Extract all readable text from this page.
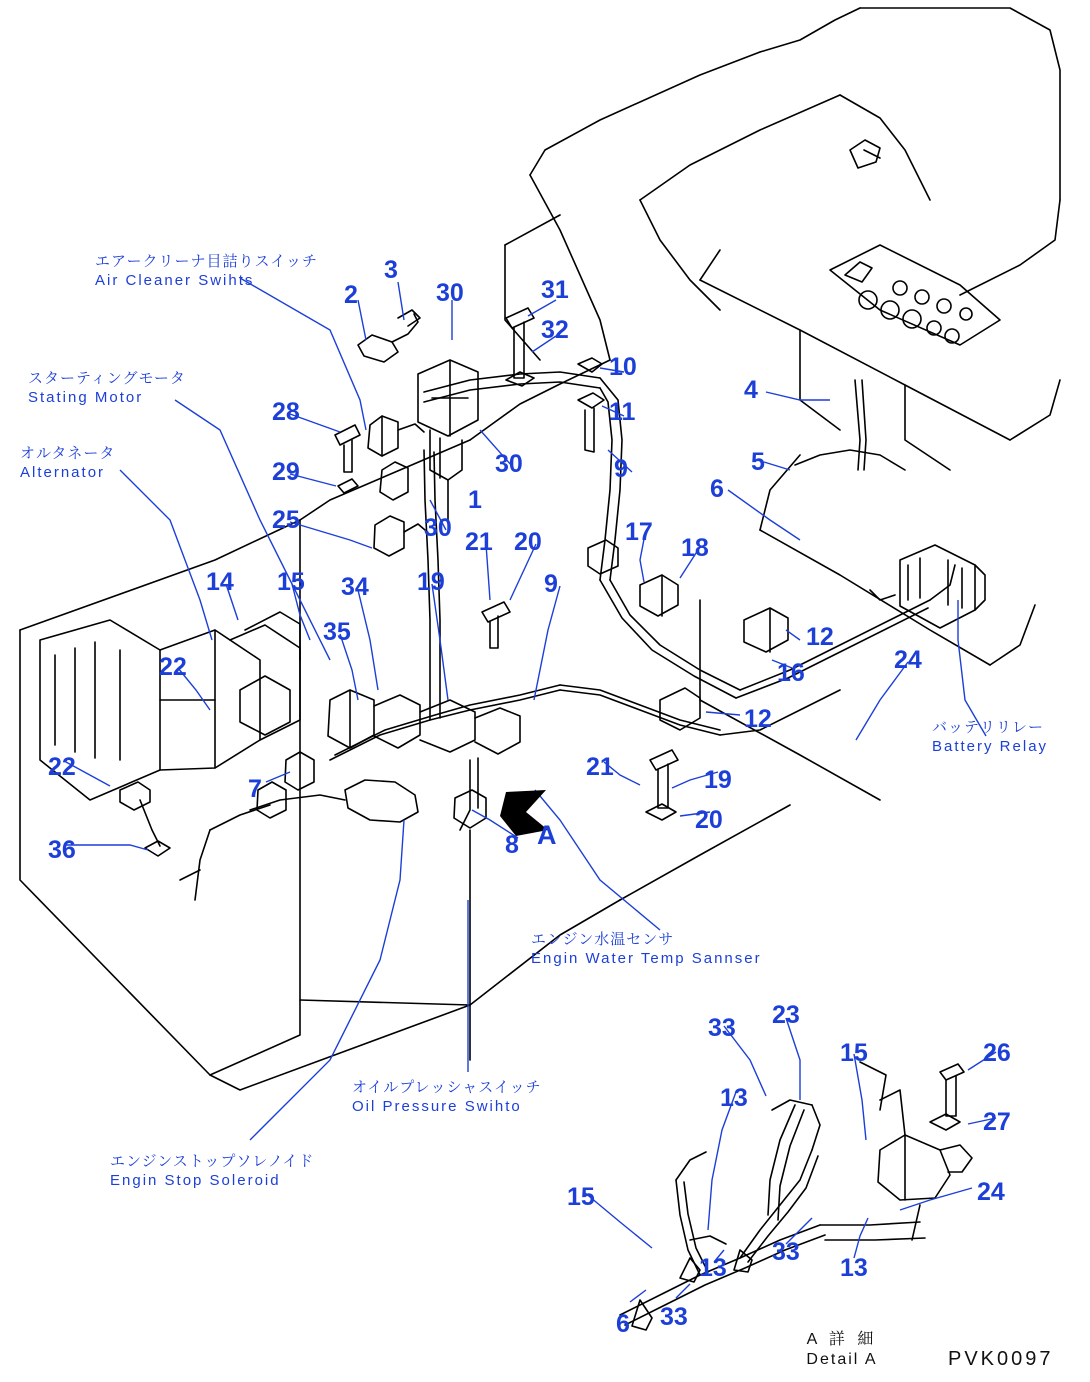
エアークリーナ目詰りスイッチ
Air Cleaner Swihts
スターティングモータ
Stating Motor
オルタネータ
Alternator
バッテリリレー
Battery Relay
エンジン水温センサ
Engin Water Temp Sannser
オイルプレッシャスイッチ
Oil Pressure Swihto
エンジンストップソレノイド
Engin Stop Soleroid
A
A 詳 細
Detail A	PVK0097
3
2	30	31
32
10
11
4
28
29	30	9	5
6
25
1
30	17
18
21 20
14 15 34 19	9
35
22
12
16	24
12
21	19
20
22
7
8
36
33 23
15	26
13
27
24
15
33
13	13
6 33
